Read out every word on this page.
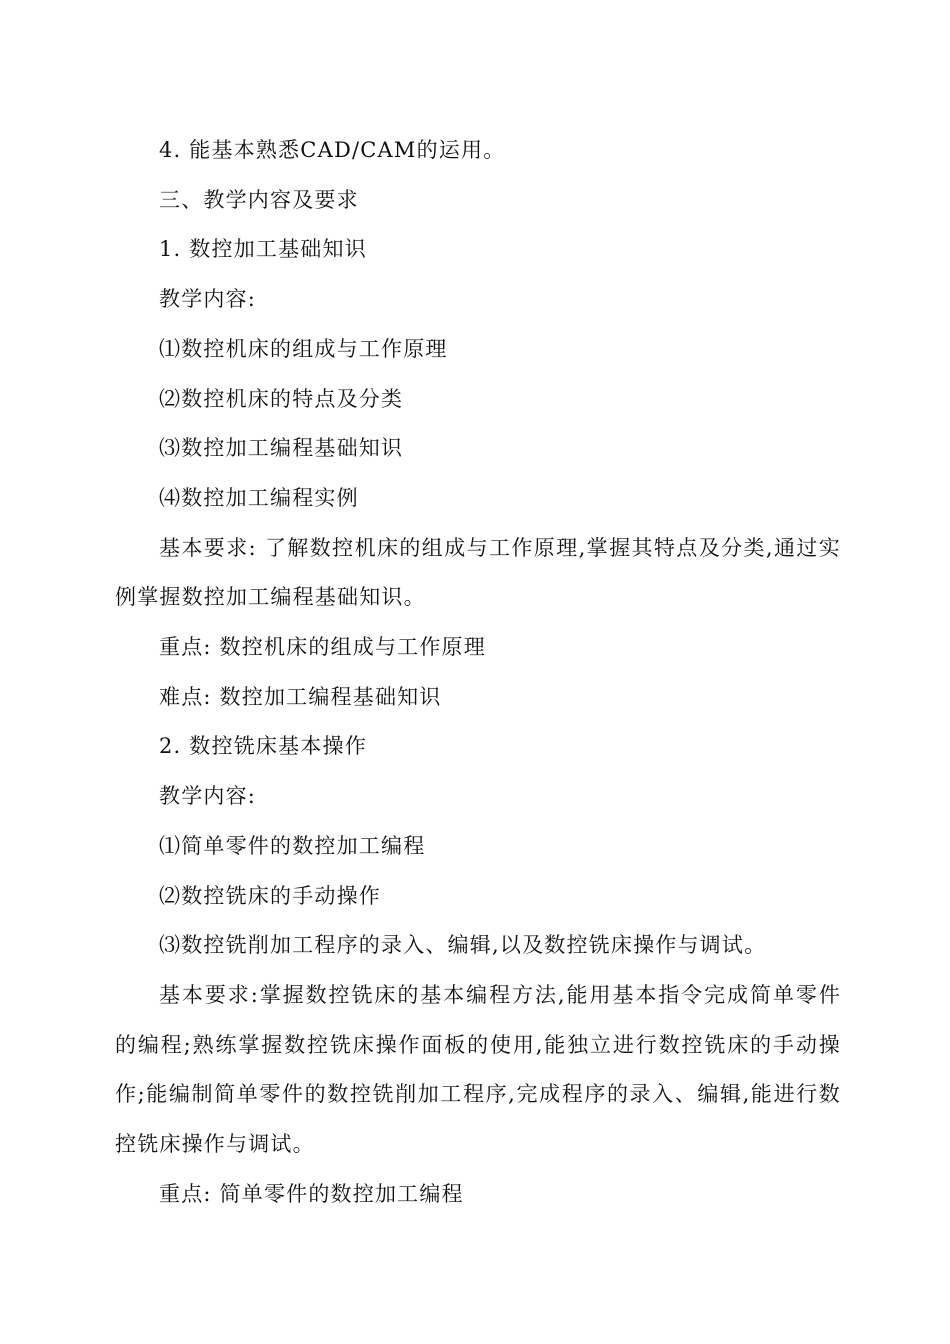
4. 能基本熟悉CAD/CAM的运用。

三、教学内容及要求

1. 数控加工基础知识

教学内容:

⑴数控机床的组成与工作原理

⑵数控机床的特点及分类

⑶数控加工编程基础知识

⑷数控加工编程实例

基本要求: 了解数控机床的组成与工作原理,掌握其特点及分类,通过实例掌握数控加工编程基础知识。

重点: 数控机床的组成与工作原理

难点: 数控加工编程基础知识

2. 数控铣床基本操作

教学内容:

⑴简单零件的数控加工编程

⑵数控铣床的手动操作

⑶数控铣削加工程序的录入、编辑,以及数控铣床操作与调试。

基本要求:掌握数控铣床的基本编程方法,能用基本指令完成简单零件的编程;熟练掌握数控铣床操作面板的使用,能独立进行数控铣床的手动操作;能编制简单零件的数控铣削加工程序,完成程序的录入、编辑,能进行数控铣床操作与调试。

重点: 简单零件的数控加工编程
